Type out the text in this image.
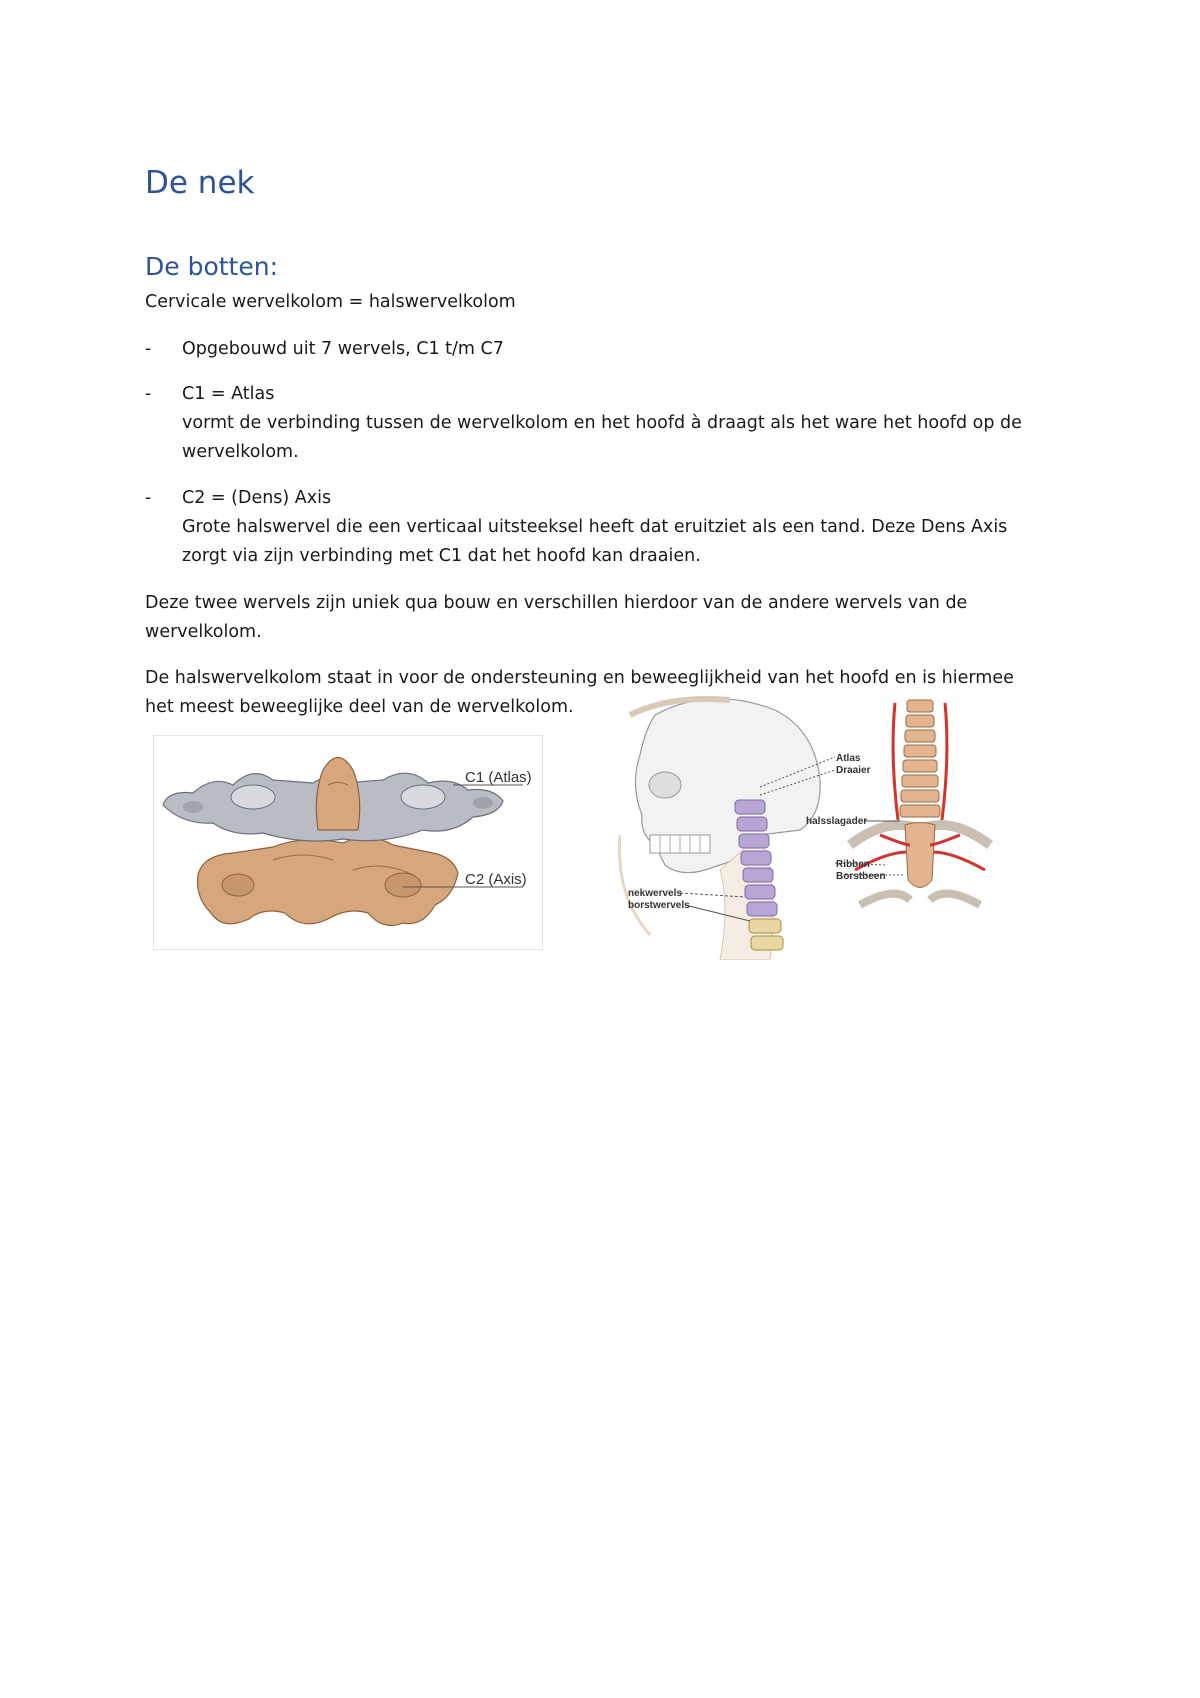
De nek
De botten:

Cervicale wervelkolom = halswervelkolom

- Opgebouwd uit 7 wervels, C1 t/m C7

- C1 = Atlas

vormt de verbinding tussen de wervelkolom en het hoofd à draagt als het ware het hoofd op de

wervelkolom.

- C2 = (Dens) Axis

Grote halswervel die een verticaal uitsteeksel heeft dat eruitziet als een tand. Deze Dens Axis

zorgt via zijn verbinding met C1 dat het hoofd kan draaien.

Deze twee wervels zijn uniek qua bouw en verschillen hierdoor van de andere wervels van de

wervelkolom.

De halswervelkolom staat in voor de ondersteuning en beweeglijkheid van het hoofd en is hiermee

het meest beweeglijke deel van de wervelkolom.

C1 (Atlas)
C2 (Axis)
Atlas
Draaier
halsslagader
nekwervels
borstwervels
Ribben
Borstbeen
